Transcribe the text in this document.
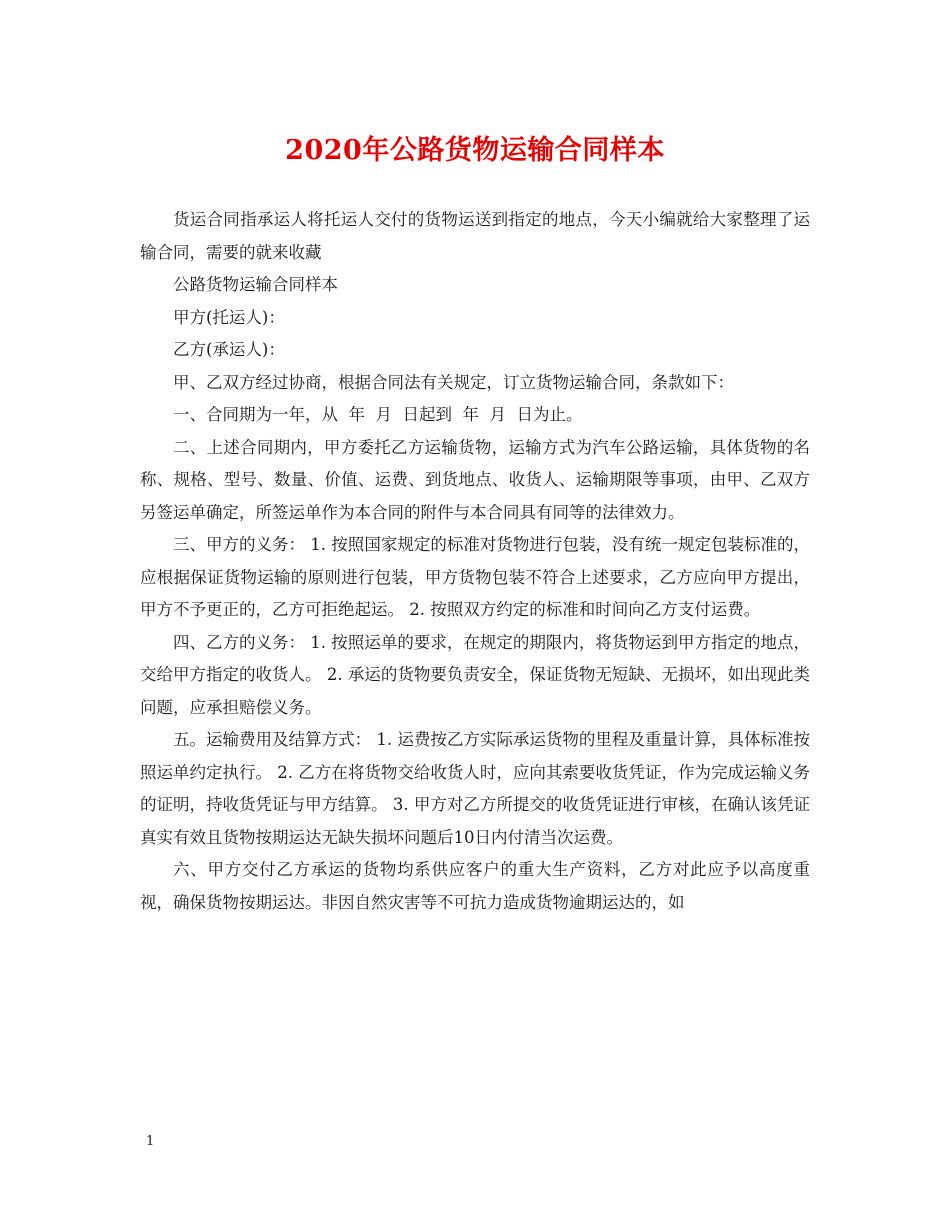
2020年公路货物运输合同样本

货运合同指承运人将托运人交付的货物运送到指定的地点，今天小编就给大家整理了运输合同，需要的就来收藏

公路货物运输合同样本

甲方(托运人)：

乙方(承运人)：

甲、乙双方经过协商，根据合同法有关规定，订立货物运输合同，条款如下：

一、合同期为一年，从  年  月  日起到  年  月  日为止。

二、上述合同期内，甲方委托乙方运输货物，运输方式为汽车公路运输，具体货物的名称、规格、型号、数量、价值、运费、到货地点、收货人、运输期限等事项，由甲、乙双方另签运单确定，所签运单作为本合同的附件与本合同具有同等的法律效力。

三、甲方的义务： 1. 按照国家规定的标准对货物进行包装，没有统一规定包装标准的，应根据保证货物运输的原则进行包装，甲方货物包装不符合上述要求，乙方应向甲方提出，甲方不予更正的，乙方可拒绝起运。 2. 按照双方约定的标准和时间向乙方支付运费。

四、乙方的义务： 1. 按照运单的要求，在规定的期限内，将货物运到甲方指定的地点，交给甲方指定的收货人。 2. 承运的货物要负责安全，保证货物无短缺、无损坏，如出现此类问题，应承担赔偿义务。

五。运输费用及结算方式： 1. 运费按乙方实际承运货物的里程及重量计算，具体标准按照运单约定执行。 2. 乙方在将货物交给收货人时，应向其索要收货凭证，作为完成运输义务的证明，持收货凭证与甲方结算。 3. 甲方对乙方所提交的收货凭证进行审核，在确认该凭证真实有效且货物按期运达无缺失损坏问题后10日内付清当次运费。

六、甲方交付乙方承运的货物均系供应客户的重大生产资料，乙方对此应予以高度重视，确保货物按期运达。非因自然灾害等不可抗力造成货物逾期运达的，如

1
